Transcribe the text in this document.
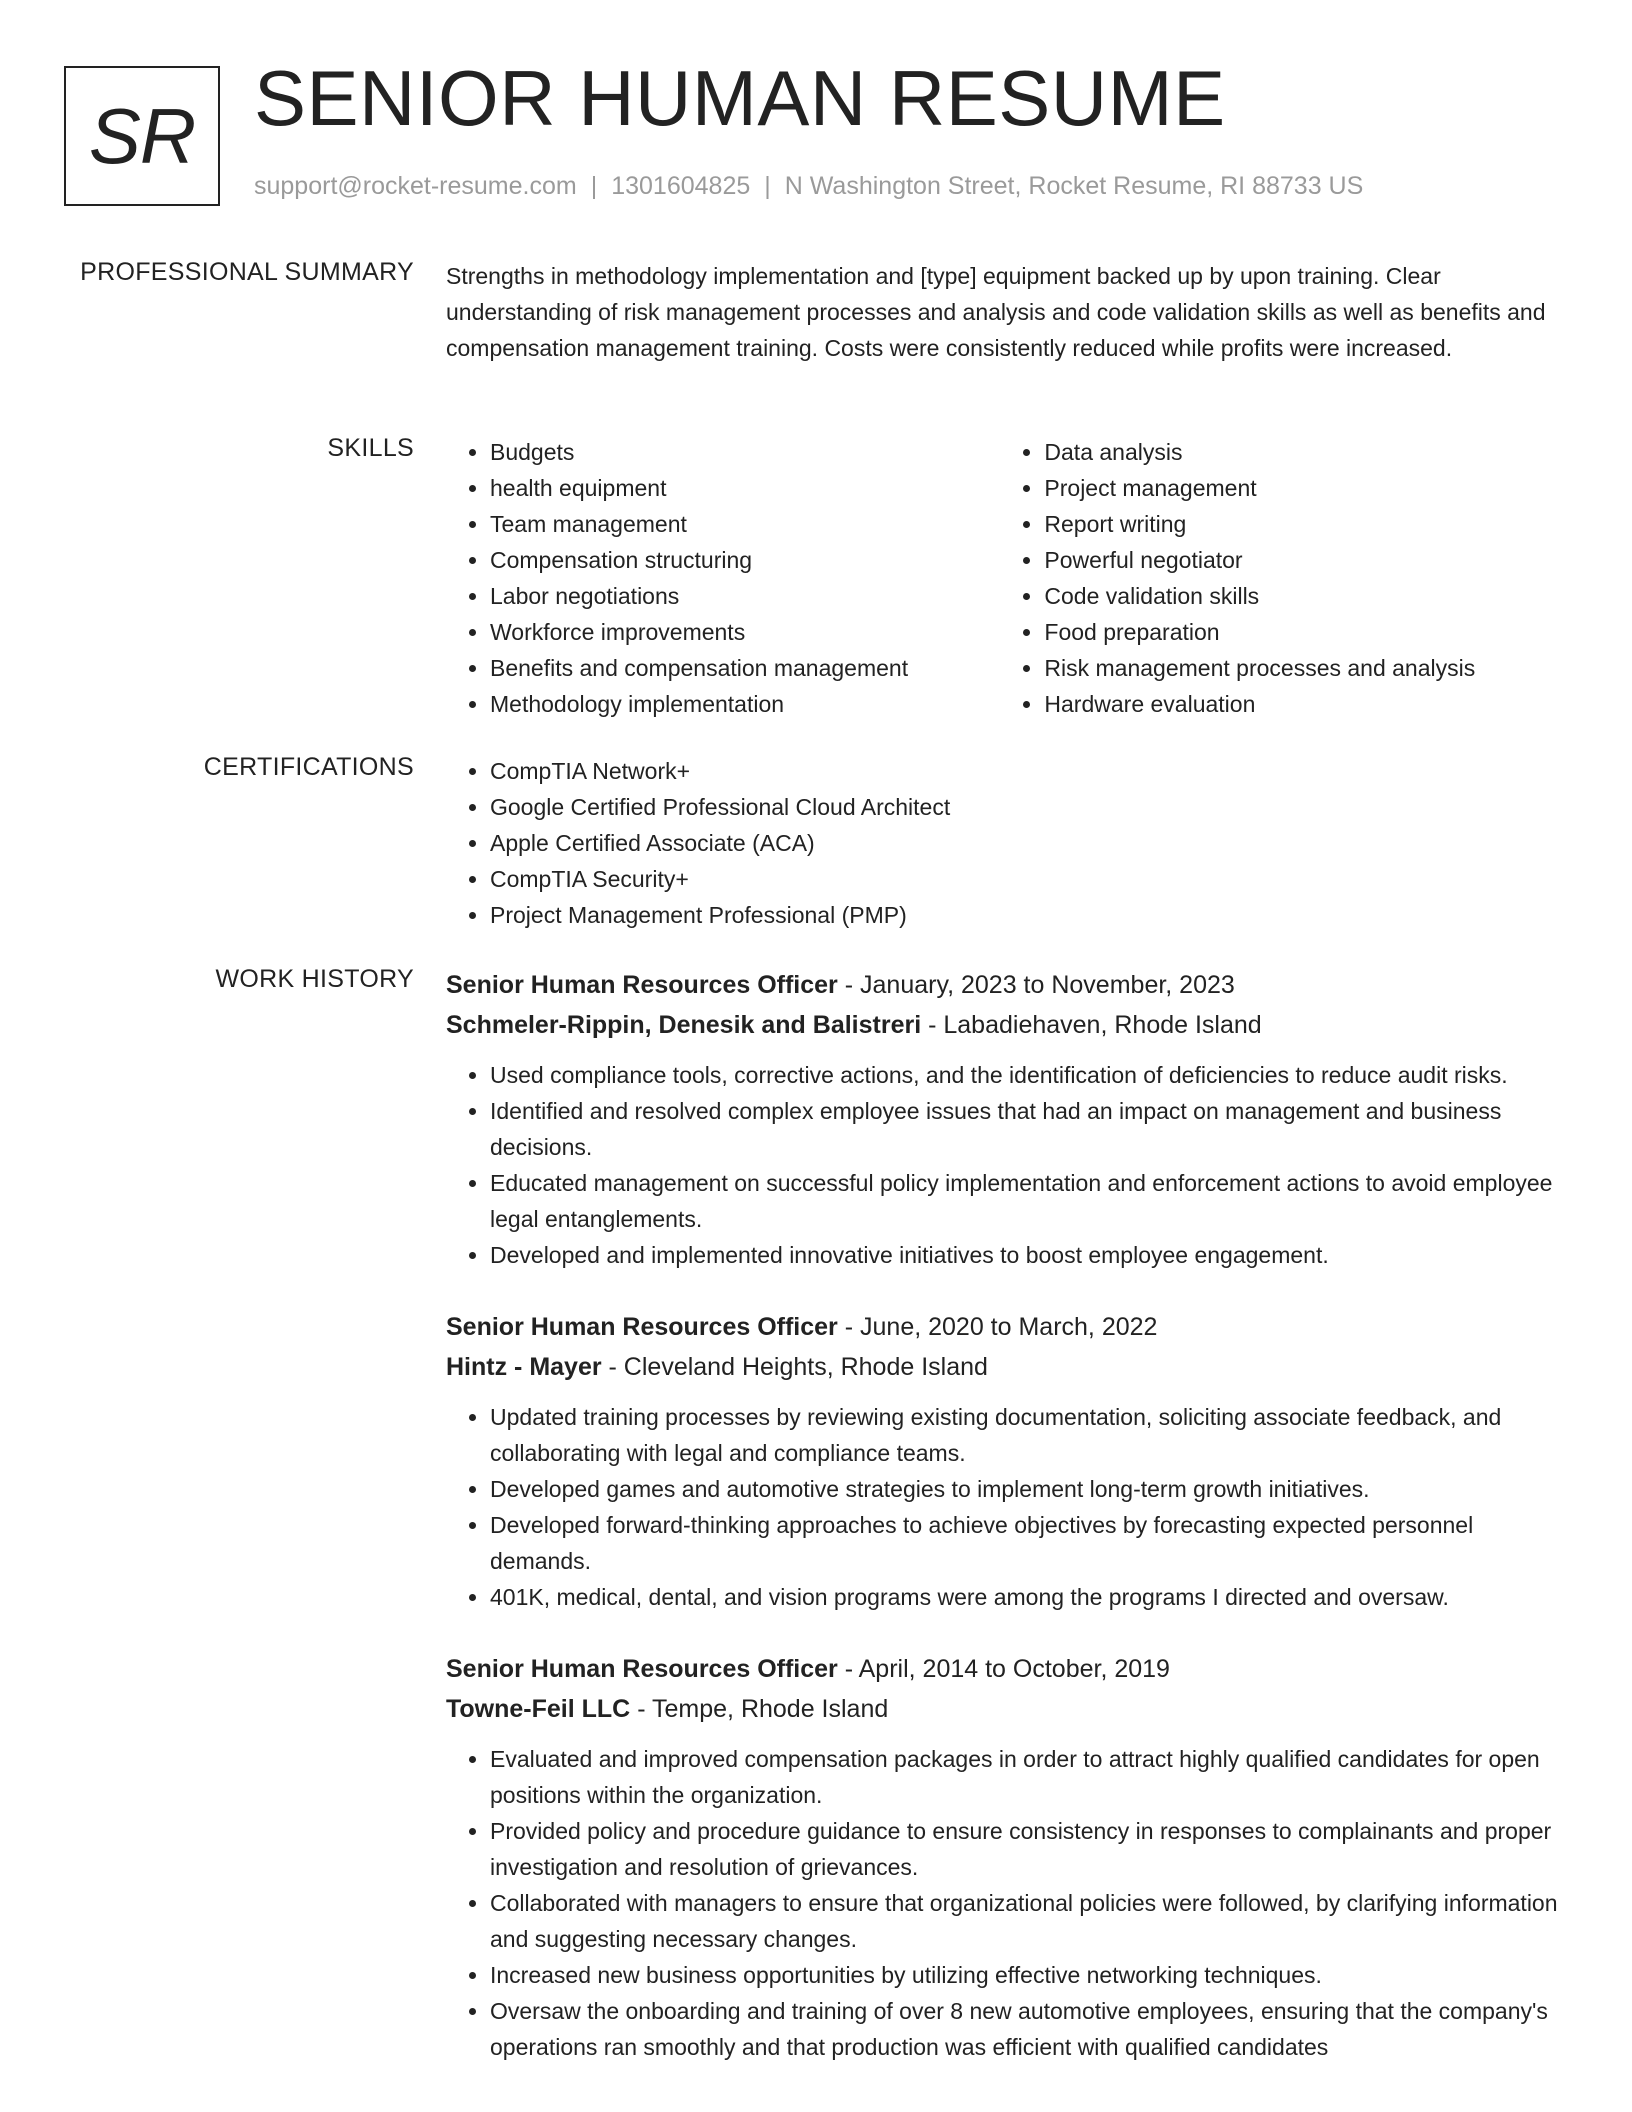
SR SENIOR HUMAN RESUME
support@rocket-resume.com | 1301604825 | N Washington Street, Rocket Resume, RI 88733 US
PROFESSIONAL SUMMARY Strengths in methodology implementation and [type] equipment backed up by upon training. Clear understanding of risk management processes and analysis and code validation skills as well as benefits and compensation management training. Costs were consistently reduced while profits were increased.

SKILLS	• Budgets
• health equipment
• Team management
• Compensation structuring
• Labor negotiations
• Workforce improvements
• Benefits and compensation management
• Methodology implementation
• Data analysis
• Project management
• Report writing
• Powerful negotiator
• Code validation skills
• Food preparation
• Risk management processes and analysis
• Hardware evaluation
CERTIFICATIONS	• CompTIA Network+
• Google Certified Professional Cloud Architect
• Apple Certified Associate (ACA)
• CompTIA Security+
• Project Management Professional (PMP)
WORK HISTORY Senior Human Resources Officer - January, 2023 to November, 2023
Schmeler-Rippin, Denesik and Balistreri - Labadiehaven, Rhode Island
• Used compliance tools, corrective actions, and the identification of deficiencies to reduce audit risks.
• Identified and resolved complex employee issues that had an impact on management and business decisions.
• Educated management on successful policy implementation and enforcement actions to avoid employee legal entanglements.
• Developed and implemented innovative initiatives to boost employee engagement.
Senior Human Resources Officer - June, 2020 to March, 2022
Hintz - Mayer - Cleveland Heights, Rhode Island
• Updated training processes by reviewing existing documentation, soliciting associate feedback, and collaborating with legal and compliance teams.
• Developed games and automotive strategies to implement long-term growth initiatives.
• Developed forward-thinking approaches to achieve objectives by forecasting expected personnel demands.
• 401K, medical, dental, and vision programs were among the programs I directed and oversaw.
Senior Human Resources Officer - April, 2014 to October, 2019
Towne-Feil LLC - Tempe, Rhode Island
• Evaluated and improved compensation packages in order to attract highly qualified candidates for open positions within the organization.
• Provided policy and procedure guidance to ensure consistency in responses to complainants and proper investigation and resolution of grievances.
• Collaborated with managers to ensure that organizational policies were followed, by clarifying information and suggesting necessary changes.
• Increased new business opportunities by utilizing effective networking techniques.
• Oversaw the onboarding and training of over 8 new automotive employees, ensuring that the company's operations ran smoothly and that production was efficient with qualified candidates
